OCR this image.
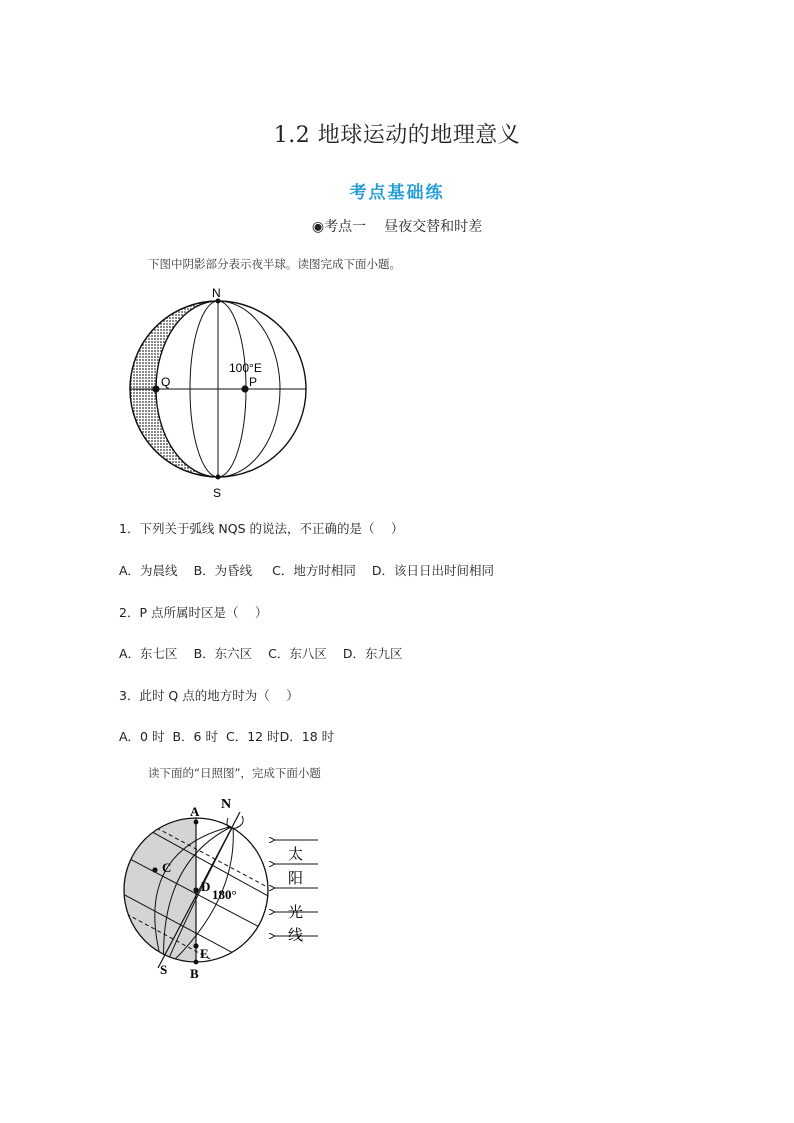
1.2 地球运动的地理意义
考点基础练
◉考点一 昼夜交替和时差
下图中阴影部分表示夜半球。读图完成下面小题。
N
S
Q	P
100°E
1．下列关于弧线 NQS 的说法，不正确的是（　 ）
A．为晨线 B．为昏线 C．地方时相同 D．该日日出时间相同
2．P 点所属时区是（　 ）
A．东七区 B．东六区 C．东八区 D．东九区
3．此时 Q 点的地方时为（　 ）
A．0 时 B．6 时 C．12 时D．18 时
读下面的“日照图”，完成下面小题
A N
C
D
180°
E
B
S
太
阳
光
线
